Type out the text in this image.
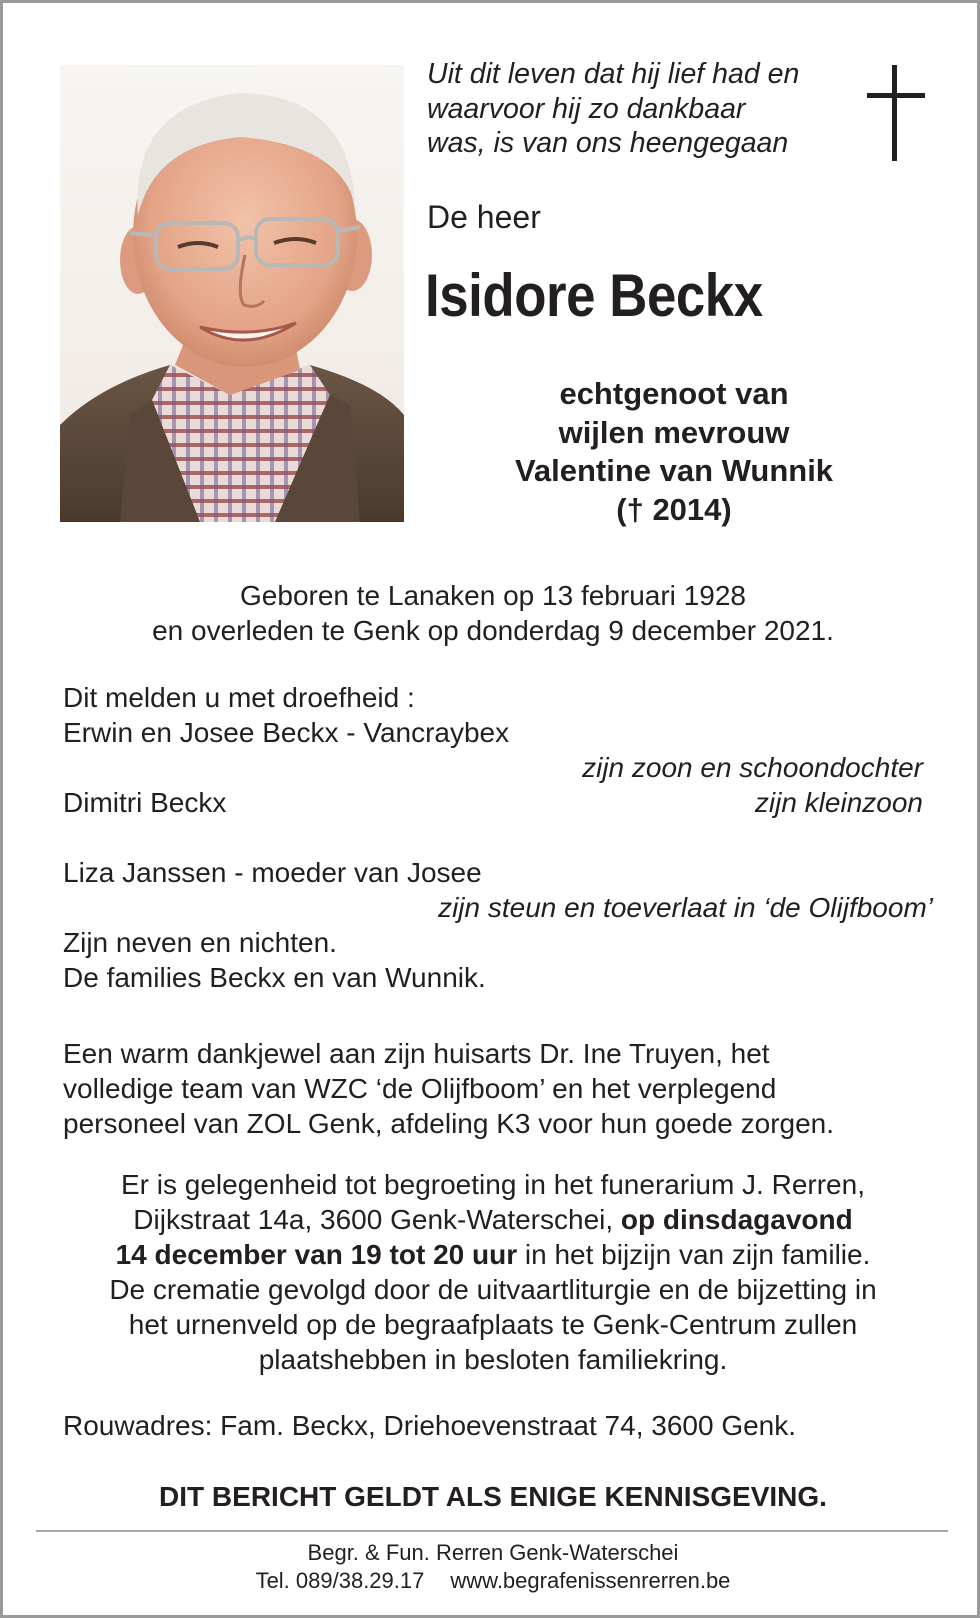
Uit dit leven dat hij lief had en
waarvoor hij zo dankbaar
was, is van ons heengegaan
De heer
Isidore Beckx
echtgenoot van
wijlen mevrouw
Valentine van Wunnik
(† 2014)
Geboren te Lanaken op 13 februari 1928
en overleden te Genk op donderdag 9 december 2021.
Dit melden u met droefheid :
Erwin en Josee Beckx - Vancraybex
zijn zoon en schoondochter
Dimitri Beckx	zijn kleinzoon
Liza Janssen - moeder van Josee
zijn steun en toeverlaat in ‘de Olijfboom’
Zijn neven en nichten.
De families Beckx en van Wunnik.
Een warm dankjewel aan zijn huisarts Dr. Ine Truyen, het
volledige team van WZC ‘de Olijfboom’ en het verplegend
personeel van ZOL Genk, afdeling K3 voor hun goede zorgen.
Er is gelegenheid tot begroeting in het funerarium J. Rerren,
Dijkstraat 14a, 3600 Genk-Waterschei, op dinsdagavond
14 december van 19 tot 20 uur in het bijzijn van zijn familie.
De crematie gevolgd door de uitvaartliturgie en de bijzetting in
het urnenveld op de begraafplaats te Genk-Centrum zullen
plaatshebben in besloten familiekring.
Rouwadres: Fam. Beckx, Driehoevenstraat 74, 3600 Genk.
DIT BERICHT GELDT ALS ENIGE KENNISGEVING.
Begr. & Fun. Rerren Genk-Waterschei
Tel. 089/38.29.17 www.begrafenissenrerren.be
